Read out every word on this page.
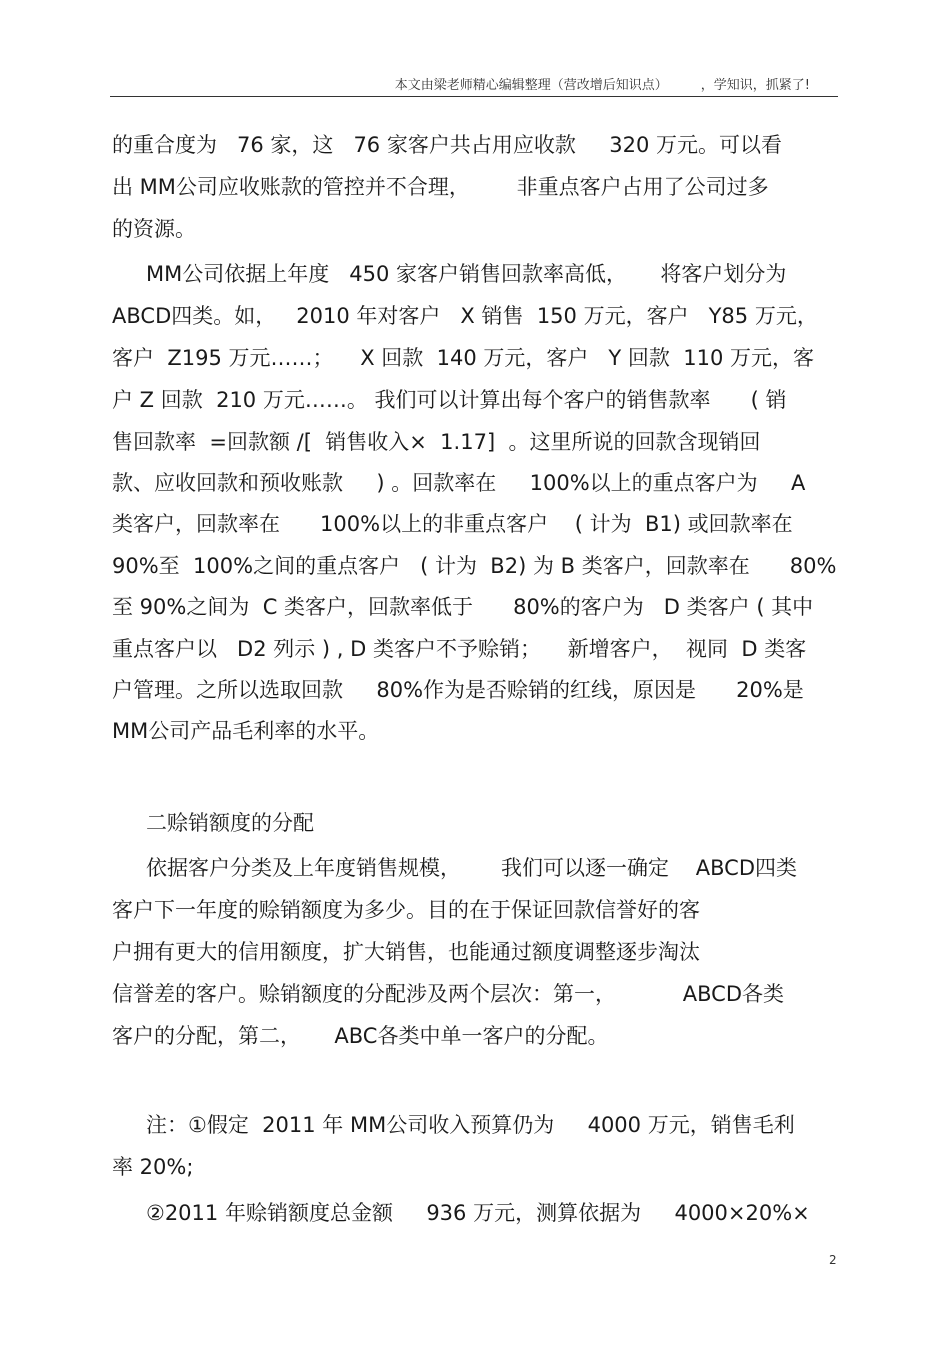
本文由梁老师精心编辑整理（营改增后知识点）        ，学知识，抓紧了!
的重合度为   76 家，这   76 家客户共占用应收款     320 万元。可以看
出 MM公司应收账款的管控并不合理，       非重点客户占用了公司过多
的资源。
MM公司依据上年度   450 家客户销售回款率高低，     将客户划分为
ABCD四类。如，   2010 年对客户   X 销售  150 万元，客户   Y85 万元，
客户  Z195 万元……；    X 回款  140 万元，客户   Y 回款  110 万元，客
户 Z 回款  210 万元……。 我们可以计算出每个客户的销售款率      ( 销
售回款率  =回款额 /[  销售收入×  1.17]  。这里所说的回款含现销回
款、应收回款和预收账款     ) 。回款率在     100%以上的重点客户为     A
类客户，回款率在      100%以上的非重点客户    ( 计为  B1) 或回款率在
90%至  100%之间的重点客户   ( 计为  B2) 为 B 类客户，回款率在      80%
至 90%之间为  C 类客户，回款率低于      80%的客户为   D 类客户 ( 其中
重点客户以   D2 列示 ) , D 类客户不予赊销；    新增客户，  视同  D 类客
户管理。之所以选取回款     80%作为是否赊销的红线，原因是      20%是
MM公司产品毛利率的水平。
二赊销额度的分配
依据客户分类及上年度销售规模，      我们可以逐一确定    ABCD四类
客户下一年度的赊销额度为多少。目的在于保证回款信誉好的客
户拥有更大的信用额度，扩大销售，也能通过额度调整逐步淘汰
信誉差的客户。赊销额度的分配涉及两个层次：第一，          ABCD各类
客户的分配，第二，     ABC各类中单一客户的分配。
注：①假定  2011 年 MM公司收入预算仍为     4000 万元，销售毛利
率 20%;
②2011 年赊销额度总金额     936 万元，测算依据为     4000×20%×
2
